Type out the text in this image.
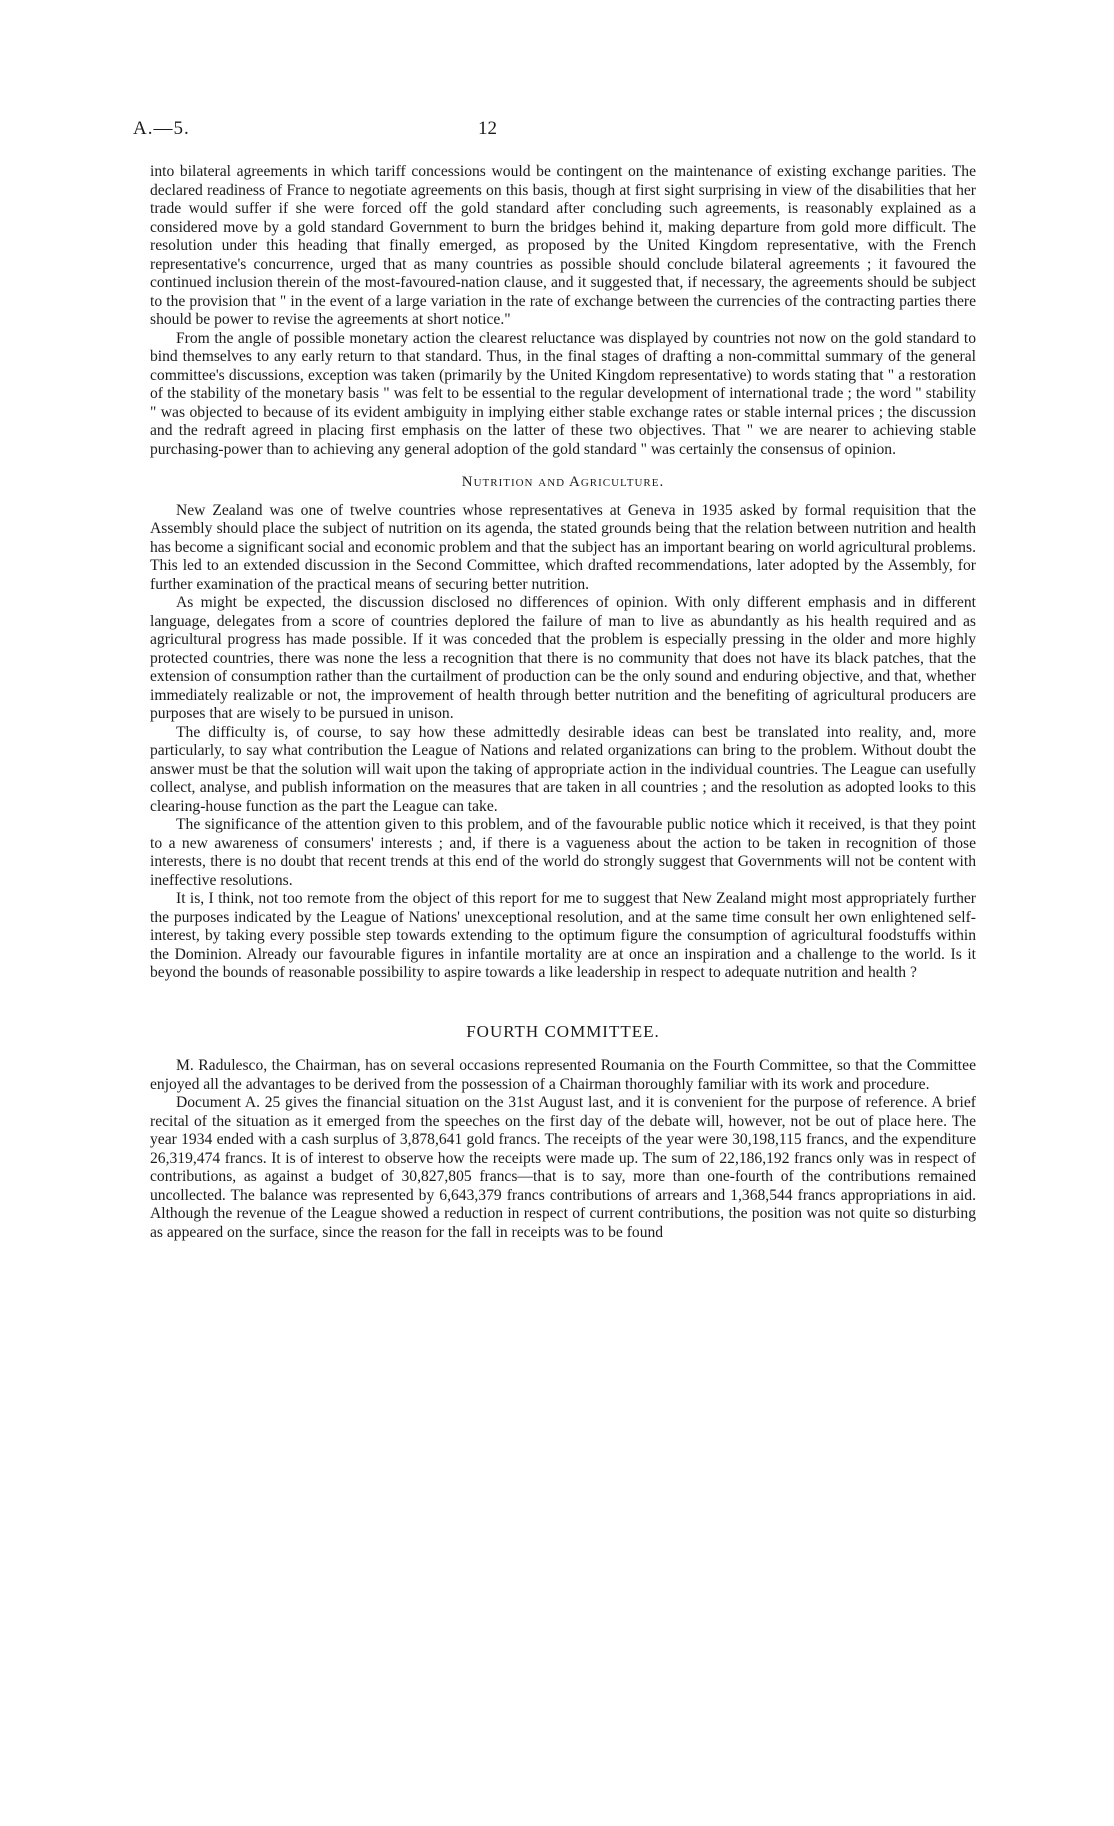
A.—5.	12

into bilateral agreements in which tariff concessions would be contingent on the maintenance of existing exchange parities. The declared readiness of France to negotiate agreements on this basis, though at first sight surprising in view of the disabilities that her trade would suffer if she were forced off the gold standard after concluding such agreements, is reasonably explained as a considered move by a gold standard Government to burn the bridges behind it, making departure from gold more difficult. The resolution under this heading that finally emerged, as proposed by the United Kingdom representative, with the French representative's concurrence, urged that as many countries as possible should conclude bilateral agreements ; it favoured the continued inclusion therein of the most-favoured-nation clause, and it suggested that, if necessary, the agreements should be subject to the provision that " in the event of a large variation in the rate of exchange between the currencies of the contracting parties there should be power to revise the agreements at short notice."

From the angle of possible monetary action the clearest reluctance was displayed by countries not now on the gold standard to bind themselves to any early return to that standard. Thus, in the final stages of drafting a non-committal summary of the general committee's discussions, exception was taken (primarily by the United Kingdom representative) to words stating that " a restoration of the stability of the monetary basis " was felt to be essential to the regular development of international trade ; the word " stability " was objected to because of its evident ambiguity in implying either stable exchange rates or stable internal prices ; the discussion and the redraft agreed in placing first emphasis on the latter of these two objectives. That " we are nearer to achieving stable purchasing-power than to achieving any general adoption of the gold standard " was certainly the consensus of opinion.

Nutrition and Agriculture.

New Zealand was one of twelve countries whose representatives at Geneva in 1935 asked by formal requisition that the Assembly should place the subject of nutrition on its agenda, the stated grounds being that the relation between nutrition and health has become a significant social and economic problem and that the subject has an important bearing on world agricultural problems. This led to an extended discussion in the Second Committee, which drafted recommendations, later adopted by the Assembly, for further examination of the practical means of securing better nutrition.

As might be expected, the discussion disclosed no differences of opinion. With only different emphasis and in different language, delegates from a score of countries deplored the failure of man to live as abundantly as his health required and as agricultural progress has made possible. If it was conceded that the problem is especially pressing in the older and more highly protected countries, there was none the less a recognition that there is no community that does not have its black patches, that the extension of consumption rather than the curtailment of production can be the only sound and enduring objective, and that, whether immediately realizable or not, the improvement of health through better nutrition and the benefiting of agricultural producers are purposes that are wisely to be pursued in unison.

The difficulty is, of course, to say how these admittedly desirable ideas can best be translated into reality, and, more particularly, to say what contribution the League of Nations and related organizations can bring to the problem. Without doubt the answer must be that the solution will wait upon the taking of appropriate action in the individual countries. The League can usefully collect, analyse, and publish information on the measures that are taken in all countries ; and the resolution as adopted looks to this clearing-house function as the part the League can take.

The significance of the attention given to this problem, and of the favourable public notice which it received, is that they point to a new awareness of consumers' interests ; and, if there is a vagueness about the action to be taken in recognition of those interests, there is no doubt that recent trends at this end of the world do strongly suggest that Governments will not be content with ineffective resolutions.

It is, I think, not too remote from the object of this report for me to suggest that New Zealand might most appropriately further the purposes indicated by the League of Nations' unexceptional resolution, and at the same time consult her own enlightened self-interest, by taking every possible step towards extending to the optimum figure the consumption of agricultural foodstuffs within the Dominion. Already our favourable figures in infantile mortality are at once an inspiration and a challenge to the world. Is it beyond the bounds of reasonable possibility to aspire towards a like leadership in respect to adequate nutrition and health ?

FOURTH COMMITTEE.

M. Radulesco, the Chairman, has on several occasions represented Roumania on the Fourth Committee, so that the Committee enjoyed all the advantages to be derived from the possession of a Chairman thoroughly familiar with its work and procedure.

Document A. 25 gives the financial situation on the 31st August last, and it is convenient for the purpose of reference. A brief recital of the situation as it emerged from the speeches on the first day of the debate will, however, not be out of place here. The year 1934 ended with a cash surplus of 3,878,641 gold francs. The receipts of the year were 30,198,115 francs, and the expenditure 26,319,474 francs. It is of interest to observe how the receipts were made up. The sum of 22,186,192 francs only was in respect of contributions, as against a budget of 30,827,805 francs—that is to say, more than one-fourth of the contributions remained uncollected. The balance was represented by 6,643,379 francs contributions of arrears and 1,368,544 francs appropriations in aid. Although the revenue of the League showed a reduction in respect of current contributions, the position was not quite so disturbing as appeared on the surface, since the reason for the fall in receipts was to be found
